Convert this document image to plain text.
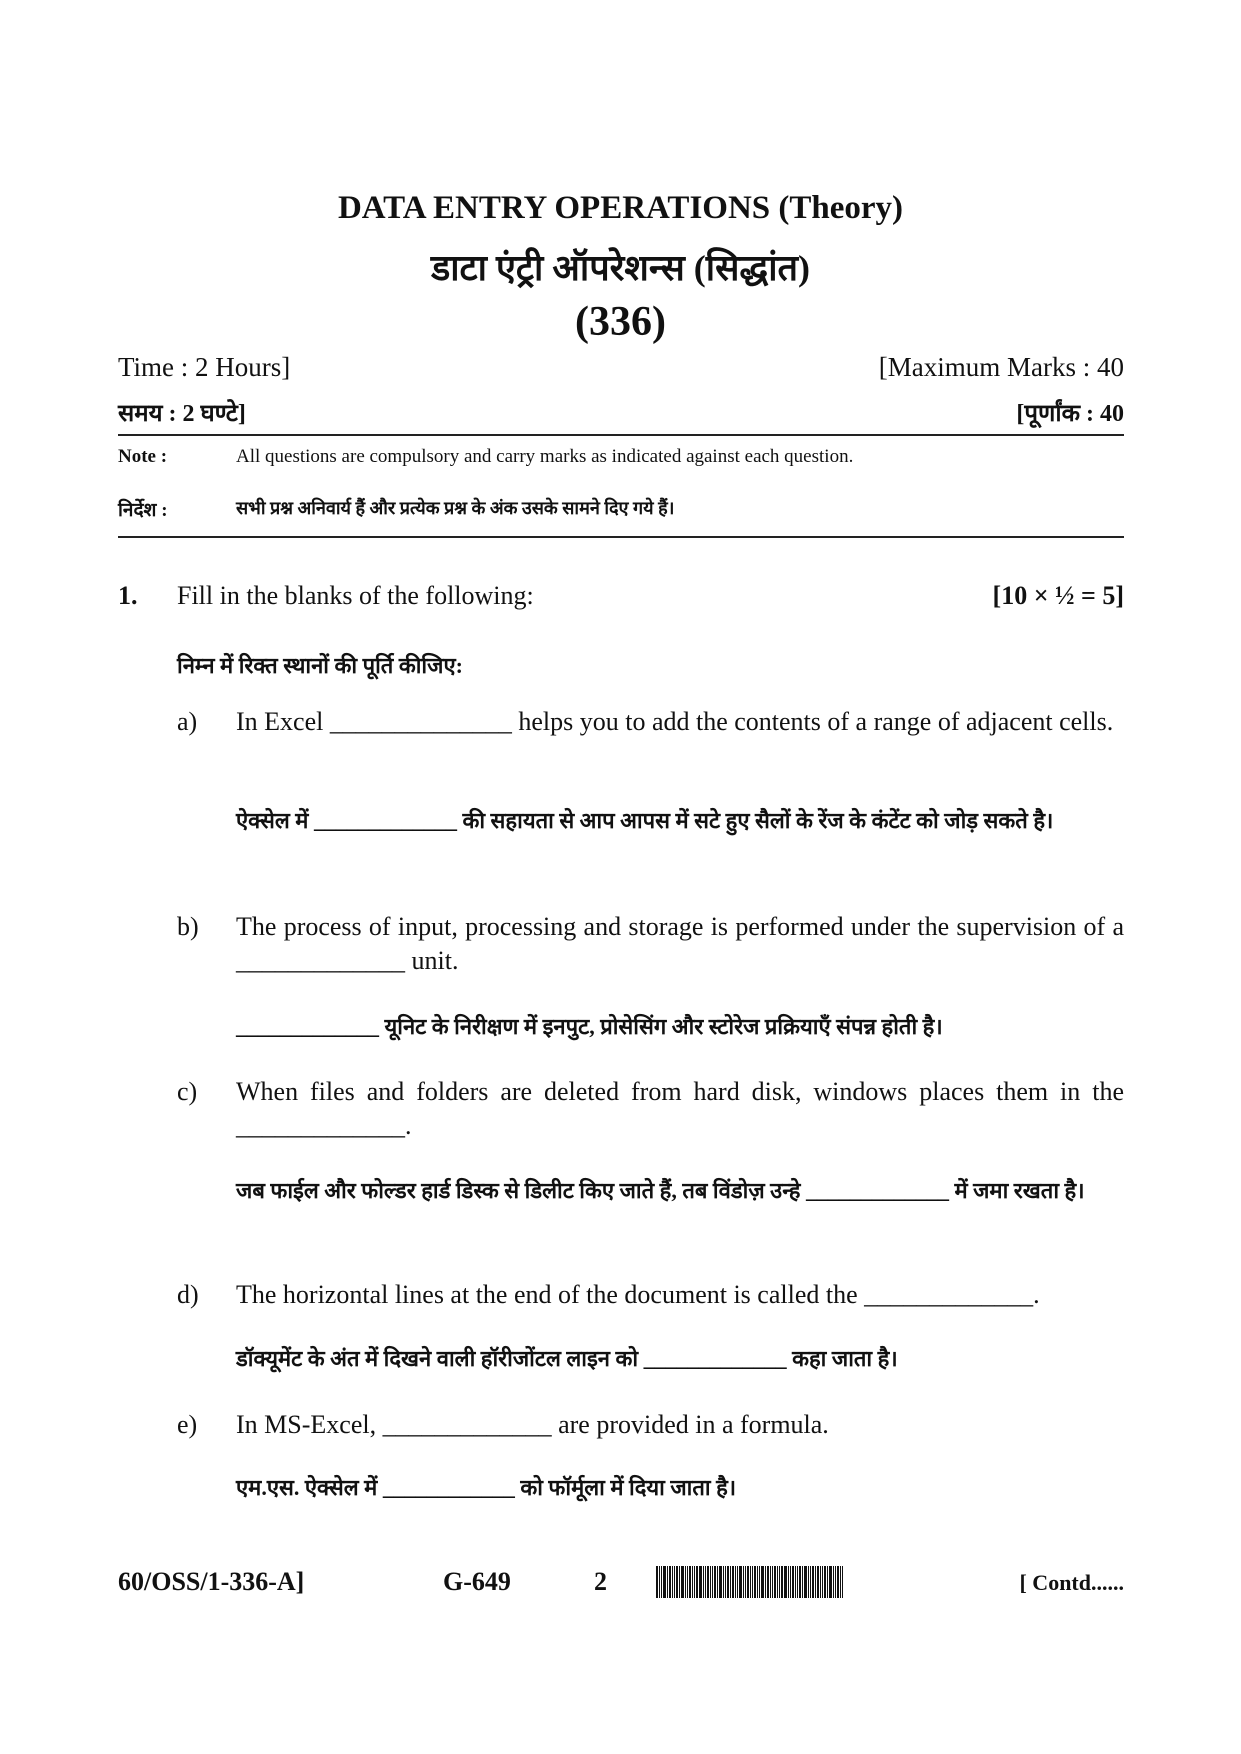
DATA ENTRY OPERATIONS (Theory)
डाटा एंट्री ऑपरेशन्स (सिद्धांत)
(336)
Time : 2 Hours]	[Maximum Marks : 40
समय : 2 घण्टे]	[पूर्णांक : 40
Note :	All questions are compulsory and carry marks as indicated against each question.
निर्देश :	सभी प्रश्न अनिवार्य हैं और प्रत्येक प्रश्न के अंक उसके सामने दिए गये हैं।
1. Fill in the blanks of the following:	[10 × ½ = 5]
निम्न में रिक्त स्थानों की पूर्ति कीजिए:
a) In Excel ______________ helps you to add the contents of a range of adjacent cells.
ऐक्सेल में _____________ की सहायता से आप आपस में सटे हुए सैलों के रेंज के कंटेंट को जोड़ सकते है।
b) The process of input, processing and storage is performed under the supervision of a _____________ unit.
_____________ यूनिट के निरीक्षण में इनपुट, प्रोसेसिंग और स्टोरेज प्रक्रियाएँ संपन्न होती है।
c) When files and folders are deleted from hard disk, windows places them in the _____________.
जब फाईल और फोल्डर हार्ड डिस्क से डिलीट किए जाते हैं, तब विंडोज़ उन्हे _____________ में जमा रखता है।
d) The horizontal lines at the end of the document is called the _____________.
डॉक्यूमेंट के अंत में दिखने वाली हॉरीजोंटल लाइन को _____________ कहा जाता है।
e) In MS-Excel, _____________ are provided in a formula.
एम.एस. ऐक्सेल में ____________ को फॉर्मूला में दिया जाता है।
60/OSS/1-336-A]	G-649	2	[ Contd......
